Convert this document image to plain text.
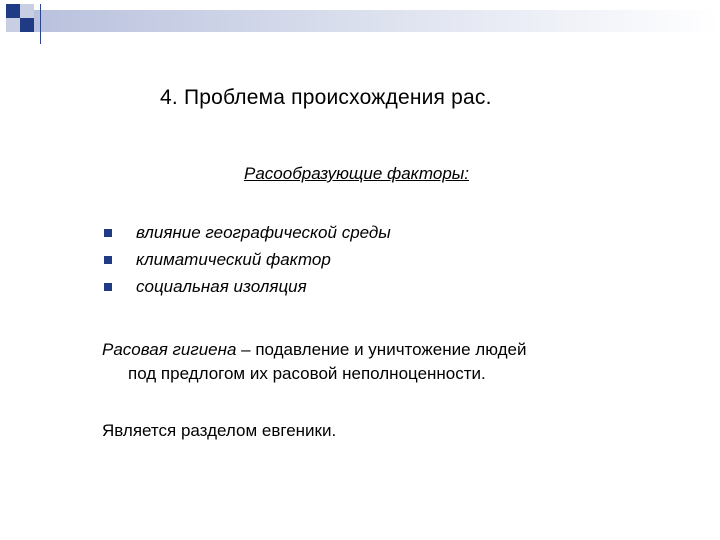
4. Проблема происхождения рас.
Расообразующие факторы:
влияние географической среды
климатический фактор
социальная изоляция
Расовая гигиена – подавление и уничтожение людей
под предлогом их расовой неполноценности.
Является разделом евгеники.
